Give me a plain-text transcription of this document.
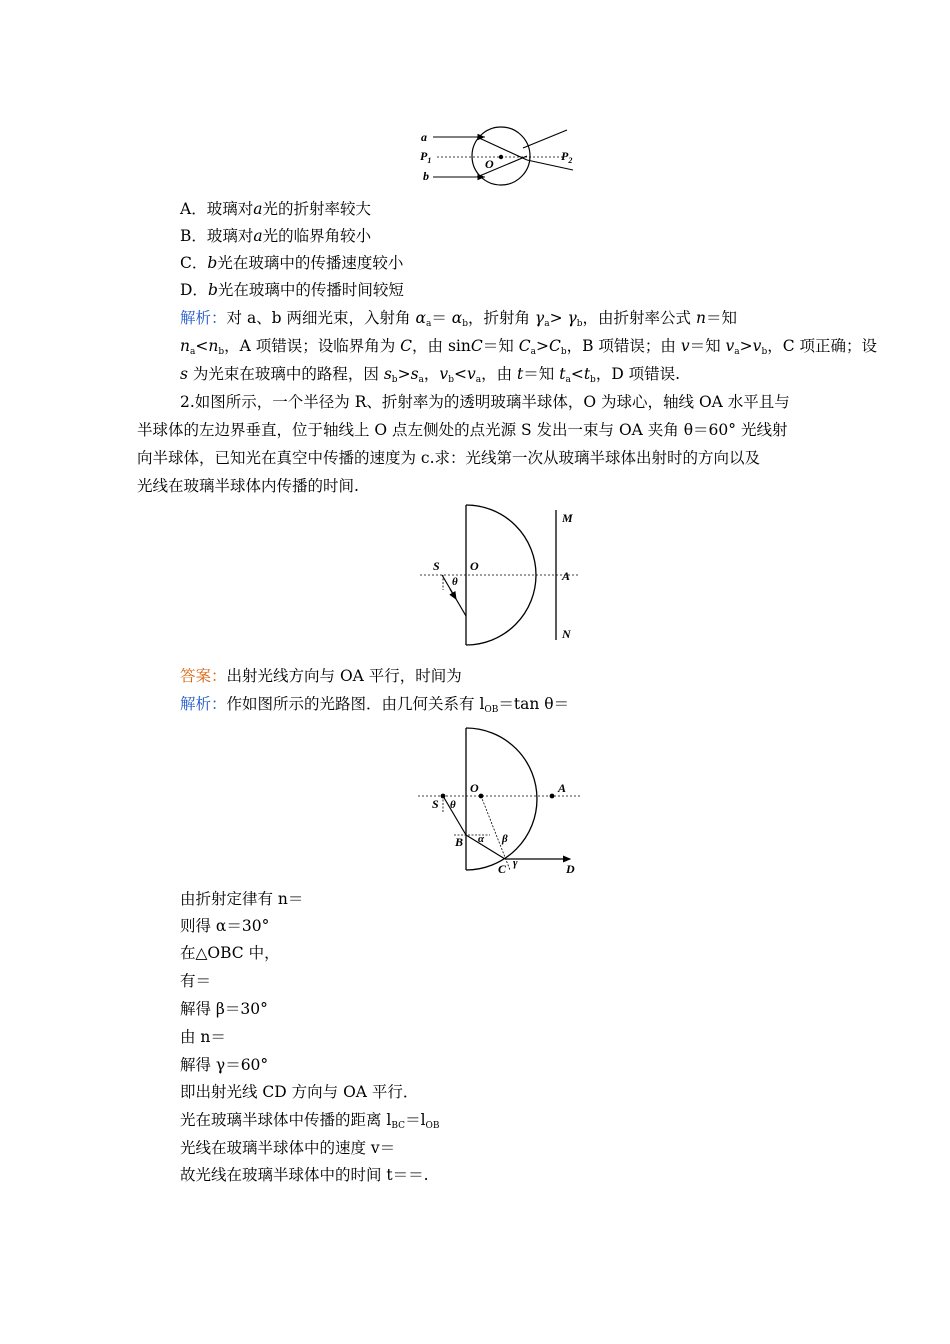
a
$P_1$
b
O
$P_2$
A．玻璃对a光的折射率较大
B．玻璃对a光的临界角较小
C．b光在玻璃中的传播速度较小
D．b光在玻璃中的传播时间较短
解析：对 a、b 两细光束，入射角 $\alpha_a= \alpha_b$，折射角 $\gamma_a> \gamma_b$，由折射率公式 n＝知
$n_a<n_b$，A 项错误；设临界角为 C，由 sinC＝知 $C_a>C_b$，B 项错误；由 v＝知 $v_a>v_b$，C 项正确；设
s 为光束在玻璃中的路程，因 $s_b>s_a$，$v_b<v_a$，由 t＝知 $t_a<t_b$，D 项错误.
2.如图所示，一个半径为 R、折射率为的透明玻璃半球体，O 为球心，轴线 OA 水平且与
半球体的左边界垂直，位于轴线上 O 点左侧处的点光源 S 发出一束与 OA 夹角 θ＝60° 光线射
向半球体，已知光在真空中传播的速度为 c.求：光线第一次从玻璃半球体出射时的方向以及
光线在玻璃半球体内传播的时间.
M
S	O
θ	A
N
答案：出射光线方向与 OA 平行，时间为
解析：作如图所示的光路图．由几何关系有 $l_{OB}=\tan$ θ＝
O	A
S θ
B α β
C γ	D
由折射定律有 n＝
则得 α＝30°
在△OBC 中，
有＝
解得 β＝30°
由 n＝
解得 γ＝60°
即出射光线 CD 方向与 OA 平行．
光在玻璃半球体中传播的距离 $l_{BC}=l_{OB}$
光线在玻璃半球体中的速度 v＝
故光线在玻璃半球体中的时间 t＝＝.
